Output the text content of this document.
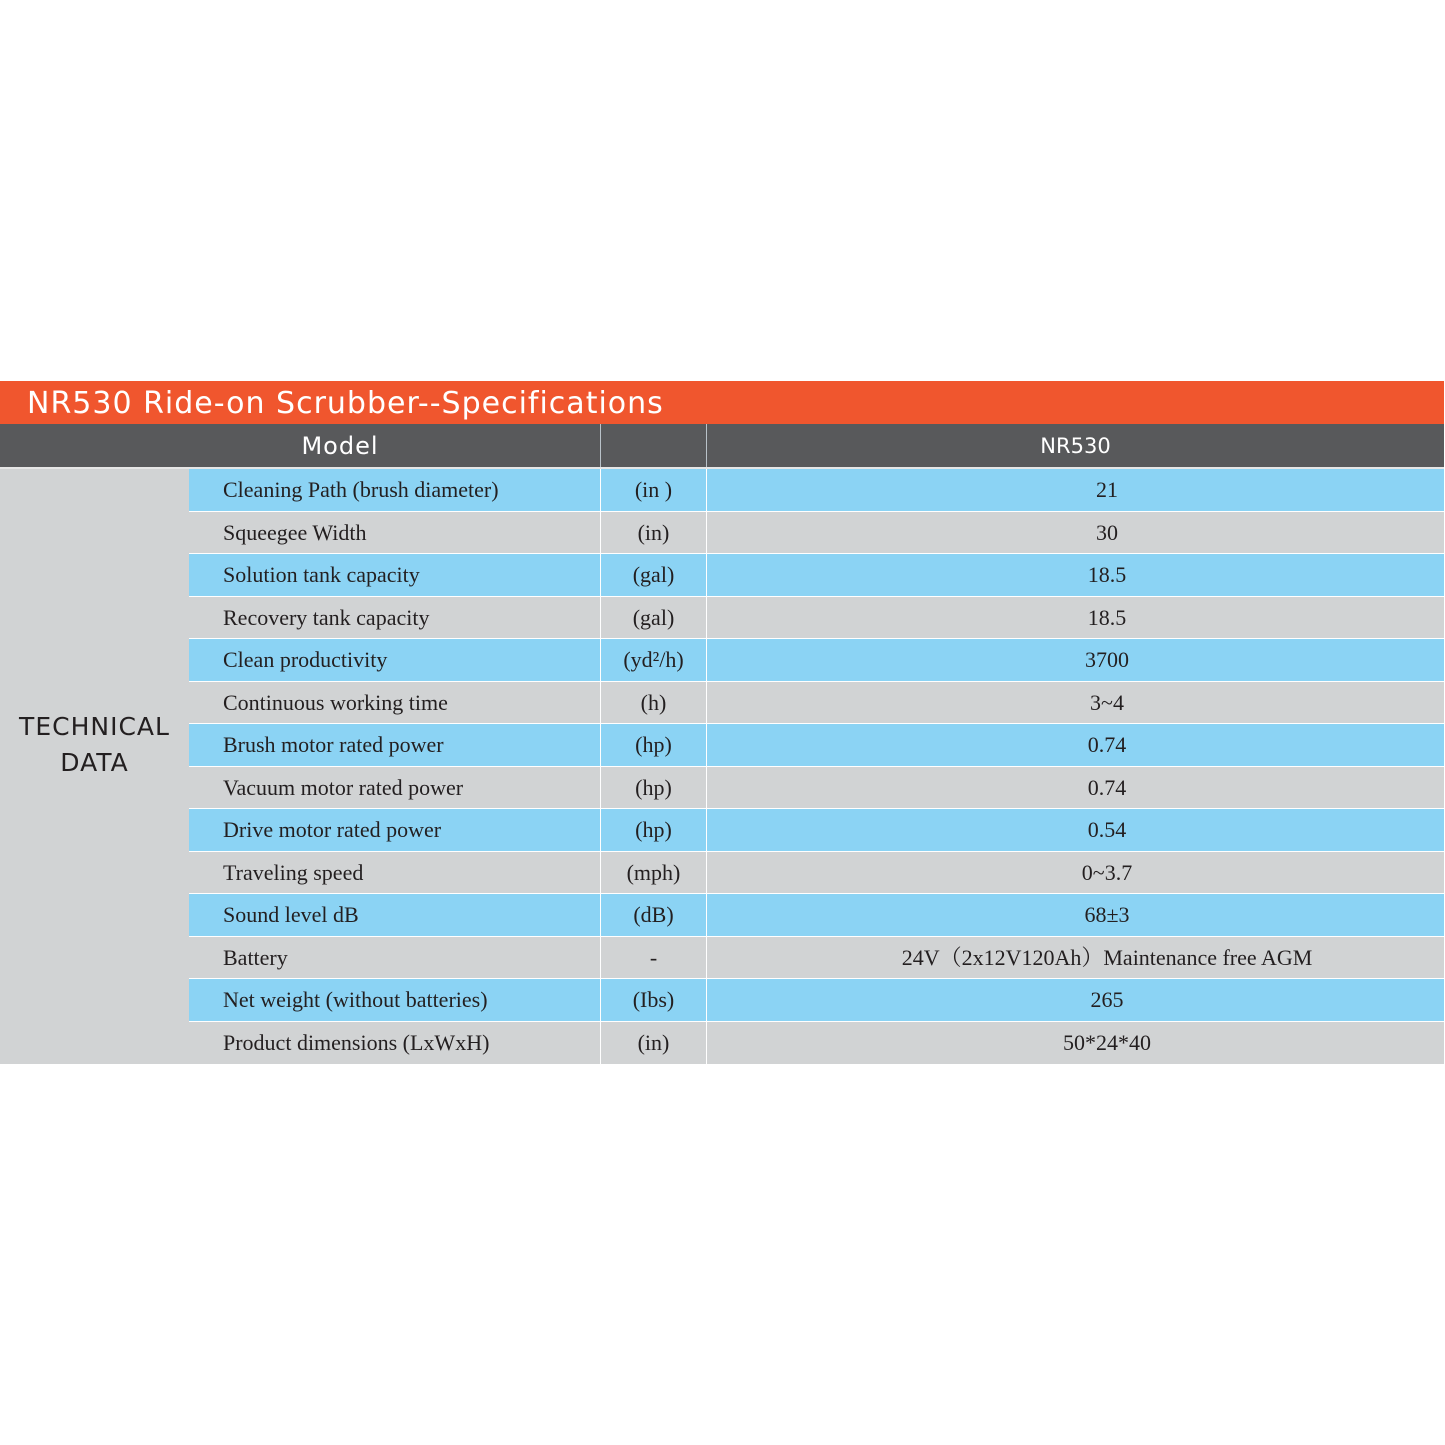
NR530 Ride-on Scrubber--Specifications
Model	NR530
TECHNICAL
DATA
Cleaning Path (brush diameter)	(in )	21
Squeegee Width	(in)	30
Solution tank capacity	(gal)	18.5
Recovery tank capacity	(gal)	18.5
Clean productivity	(yd²/h)	3700
Continuous working time	(h)	3~4
Brush motor rated power	(hp)	0.74
Vacuum motor rated power	(hp)	0.74
Drive motor rated power	(hp)	0.54
Traveling speed	(mph)	0~3.7
Sound level dB	(dB)	68±3
Battery	-	24V（2x12V120Ah）Maintenance free AGM
Net weight (without batteries)	(Ibs)	265
Product dimensions (LxWxH)	(in)	50*24*40
